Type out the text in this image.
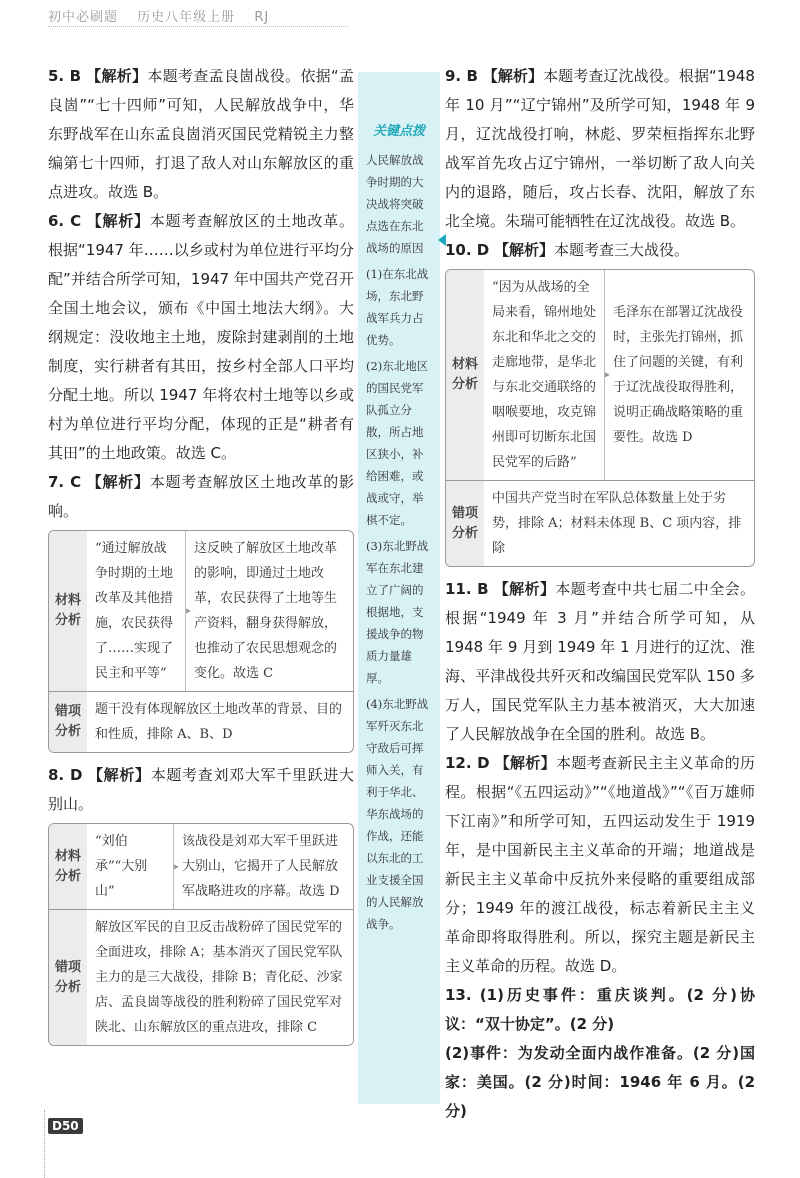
初中必刷题 历史八年级上册 RJ

5. B 【解析】本题考查孟良崮战役。依据“孟良崮”“七十四师”可知，人民解放战争中，华东野战军在山东孟良崮消灭国民党精锐主力整编第七十四师，打退了敌人对山东解放区的重点进攻。故选 B。

6. C 【解析】本题考查解放区的土地改革。根据“1947 年……以乡或村为单位进行平均分配”并结合所学可知，1947 年中国共产党召开全国土地会议，颁布《中国土地法大纲》。大纲规定：没收地主土地，废除封建剥削的土地制度，实行耕者有其田，按乡村全部人口平均分配土地。所以 1947 年将农村土地等以乡或村为单位进行平均分配，体现的正是“耕者有其田”的土地政策。故选 C。

7. C 【解析】本题考查解放区土地改革的影响。

材料分析
“通过解放战争时期的土地改革及其他措施，农民获得了……实现了民主和平等” ▸
这反映了解放区土地改革的影响，即通过土地改革，农民获得了土地等生产资料，翻身获得解放，也推动了农民思想观念的变化。故选 C
错项分析
题干没有体现解放区土地改革的背景、目的和性质，排除 A、B、D

8. D 【解析】本题考查刘邓大军千里跃进大别山。

材料分析
“刘伯承”“大别山” ▸
该战役是刘邓大军千里跃进大别山，它揭开了人民解放军战略进攻的序幕。故选 D
错项分析
解放区军民的自卫反击战粉碎了国民党军的全面进攻，排除 A；基本消灭了国民党军队主力的是三大战役，排除 B；青化砭、沙家店、孟良崮等战役的胜利粉碎了国民党军对陕北、山东解放区的重点进攻，排除 C
关键点拨

人民解放战争时期的大决战将突破点选在东北战场的原因

(1)在东北战场，东北野战军兵力占优势。

(2)东北地区的国民党军队孤立分散，所占地区狭小，补给困难，或战或守，举棋不定。

(3)东北野战军在东北建立了广阔的根据地，支援战争的物质力量雄厚。

(4)东北野战军歼灭东北守敌后可挥师入关，有利于华北、华东战场的作战，还能以东北的工业支援全国的人民解放战争。

9. B 【解析】本题考查辽沈战役。根据“1948 年 10 月”“辽宁锦州”及所学可知，1948 年 9 月，辽沈战役打响，林彪、罗荣桓指挥东北野战军首先攻占辽宁锦州，一举切断了敌人向关内的退路，随后，攻占长春、沈阳，解放了东北全境。朱瑞可能牺牲在辽沈战役。故选 B。

10. D 【解析】本题考查三大战役。

材料分析
“因为从战场的全局来看，锦州地处东北和华北之交的走廊地带，是华北与东北交通联络的咽喉要地，攻克锦州即可切断东北国民党军的后路” ▸
毛泽东在部署辽沈战役时，主张先打锦州，抓住了问题的关键，有利于辽沈战役取得胜利，说明正确战略策略的重要性。故选 D
错项分析
中国共产党当时在军队总体数量上处于劣势，排除 A；材料未体现 B、C 项内容，排除

11. B 【解析】本题考查中共七届二中全会。根据“1949 年 3 月”并结合所学可知，从 1948 年 9 月到 1949 年 1 月进行的辽沈、淮海、平津战役共歼灭和改编国民党军队 150 多万人，国民党军队主力基本被消灭，大大加速了人民解放战争在全国的胜利。故选 B。

12. D 【解析】本题考查新民主主义革命的历程。根据“《五四运动》”“《地道战》”“《百万雄师下江南》”和所学可知，五四运动发生于 1919 年，是中国新民主主义革命的开端；地道战是新民主主义革命中反抗外来侵略的重要组成部分；1949 年的渡江战役，标志着新民主主义革命即将取得胜利。所以，探究主题是新民主主义革命的历程。故选 D。

13. (1)历史事件：重庆谈判。(2 分)协议：“双十协定”。(2 分)

(2)事件：为发动全面内战作准备。(2 分)国家：美国。(2 分)时间：1946 年 6 月。(2 分)

D50
